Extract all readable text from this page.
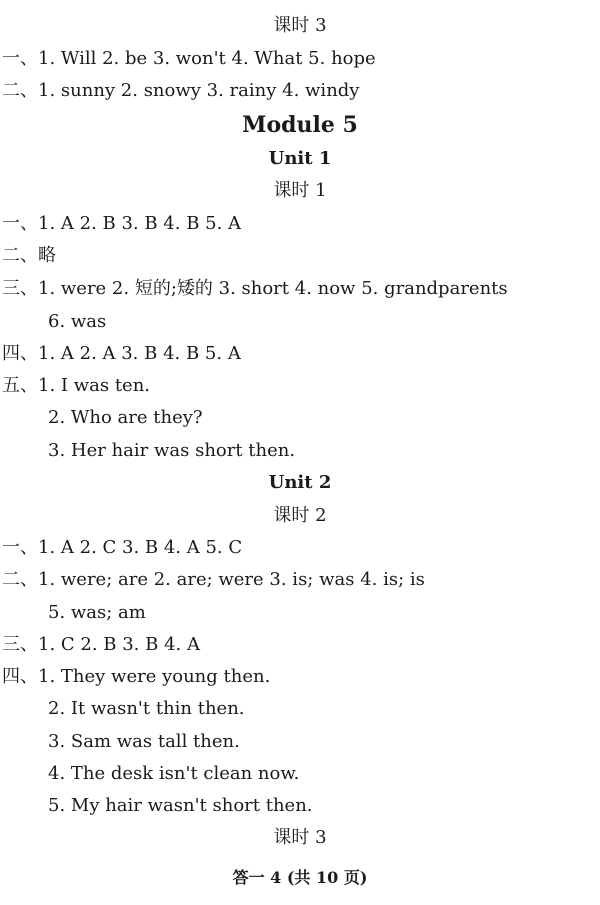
课时 3
一、1. Will 2. be 3. won't 4. What 5. hope
二、1. sunny 2. snowy 3. rainy 4. windy
Module 5
Unit 1
课时 1
一、1. A 2. B 3. B 4. B 5. A
二、略
三、1. were 2. 短的;矮的 3. short 4. now 5. grandparents
6. was
四、1. A 2. A 3. B 4. B 5. A
五、1. I was ten.
2. Who are they?
3. Her hair was short then.
Unit 2
课时 2
一、1. A 2. C 3. B 4. A 5. C
二、1. were; are 2. are; were 3. is; was 4. is; is
5. was; am
三、1. C 2. B 3. B 4. A
四、1. They were young then.
2. It wasn't thin then.
3. Sam was tall then.
4. The desk isn't clean now.
5. My hair wasn't short then.
课时 3
答一 4 (共 10 页)
